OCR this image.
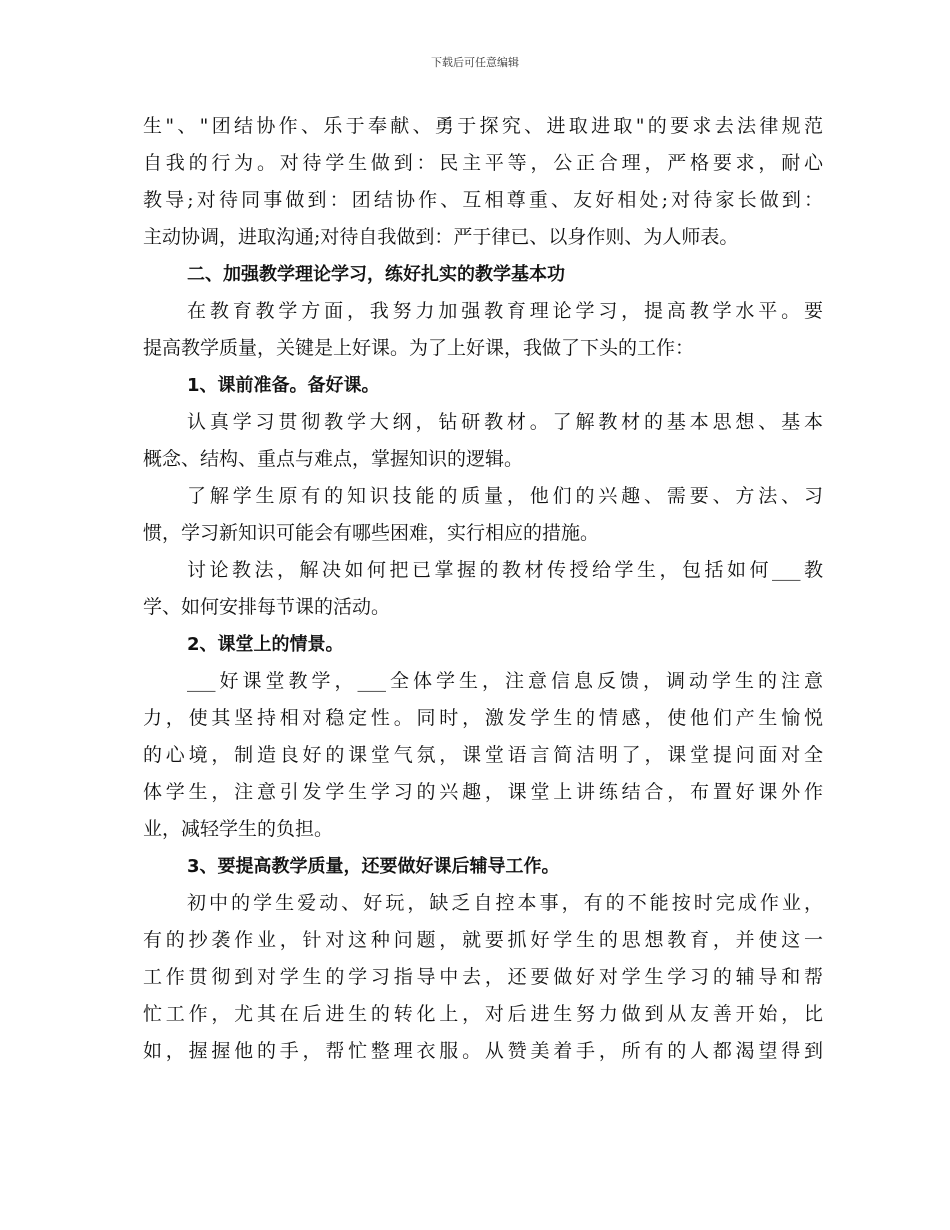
下载后可任意编辑
生"、"团结协作、乐于奉献、勇于探究、进取进取"的要求去法律规范
自我的行为。对待学生做到：民主平等，公正合理，严格要求，耐心
教导;对待同事做到：团结协作、互相尊重、友好相处;对待家长做到：
主动协调，进取沟通;对待自我做到：严于律已、以身作则、为人师表。
二、加强教学理论学习，练好扎实的教学基本功
在教育教学方面，我努力加强教育理论学习，提高教学水平。要
提高教学质量，关键是上好课。为了上好课，我做了下头的工作：
1、课前准备。备好课。
认真学习贯彻教学大纲，钻研教材。了解教材的基本思想、基本
概念、结构、重点与难点，掌握知识的逻辑。
了解学生原有的知识技能的质量，他们的兴趣、需要、方法、习
惯，学习新知识可能会有哪些困难，实行相应的措施。
讨论教法，解决如何把已掌握的教材传授给学生，包括如何___教
学、如何安排每节课的活动。
2、课堂上的情景。
___好课堂教学，___全体学生，注意信息反馈，调动学生的注意
力，使其坚持相对稳定性。同时，激发学生的情感，使他们产生愉悦
的心境，制造良好的课堂气氛，课堂语言简洁明了，课堂提问面对全
体学生，注意引发学生学习的兴趣，课堂上讲练结合，布置好课外作
业，减轻学生的负担。
3、要提高教学质量，还要做好课后辅导工作。
初中的学生爱动、好玩，缺乏自控本事，有的不能按时完成作业，
有的抄袭作业，针对这种问题，就要抓好学生的思想教育，并使这一
工作贯彻到对学生的学习指导中去，还要做好对学生学习的辅导和帮
忙工作，尤其在后进生的转化上，对后进生努力做到从友善开始，比
如，握握他的手，帮忙整理衣服。从赞美着手，所有的人都渴望得到
